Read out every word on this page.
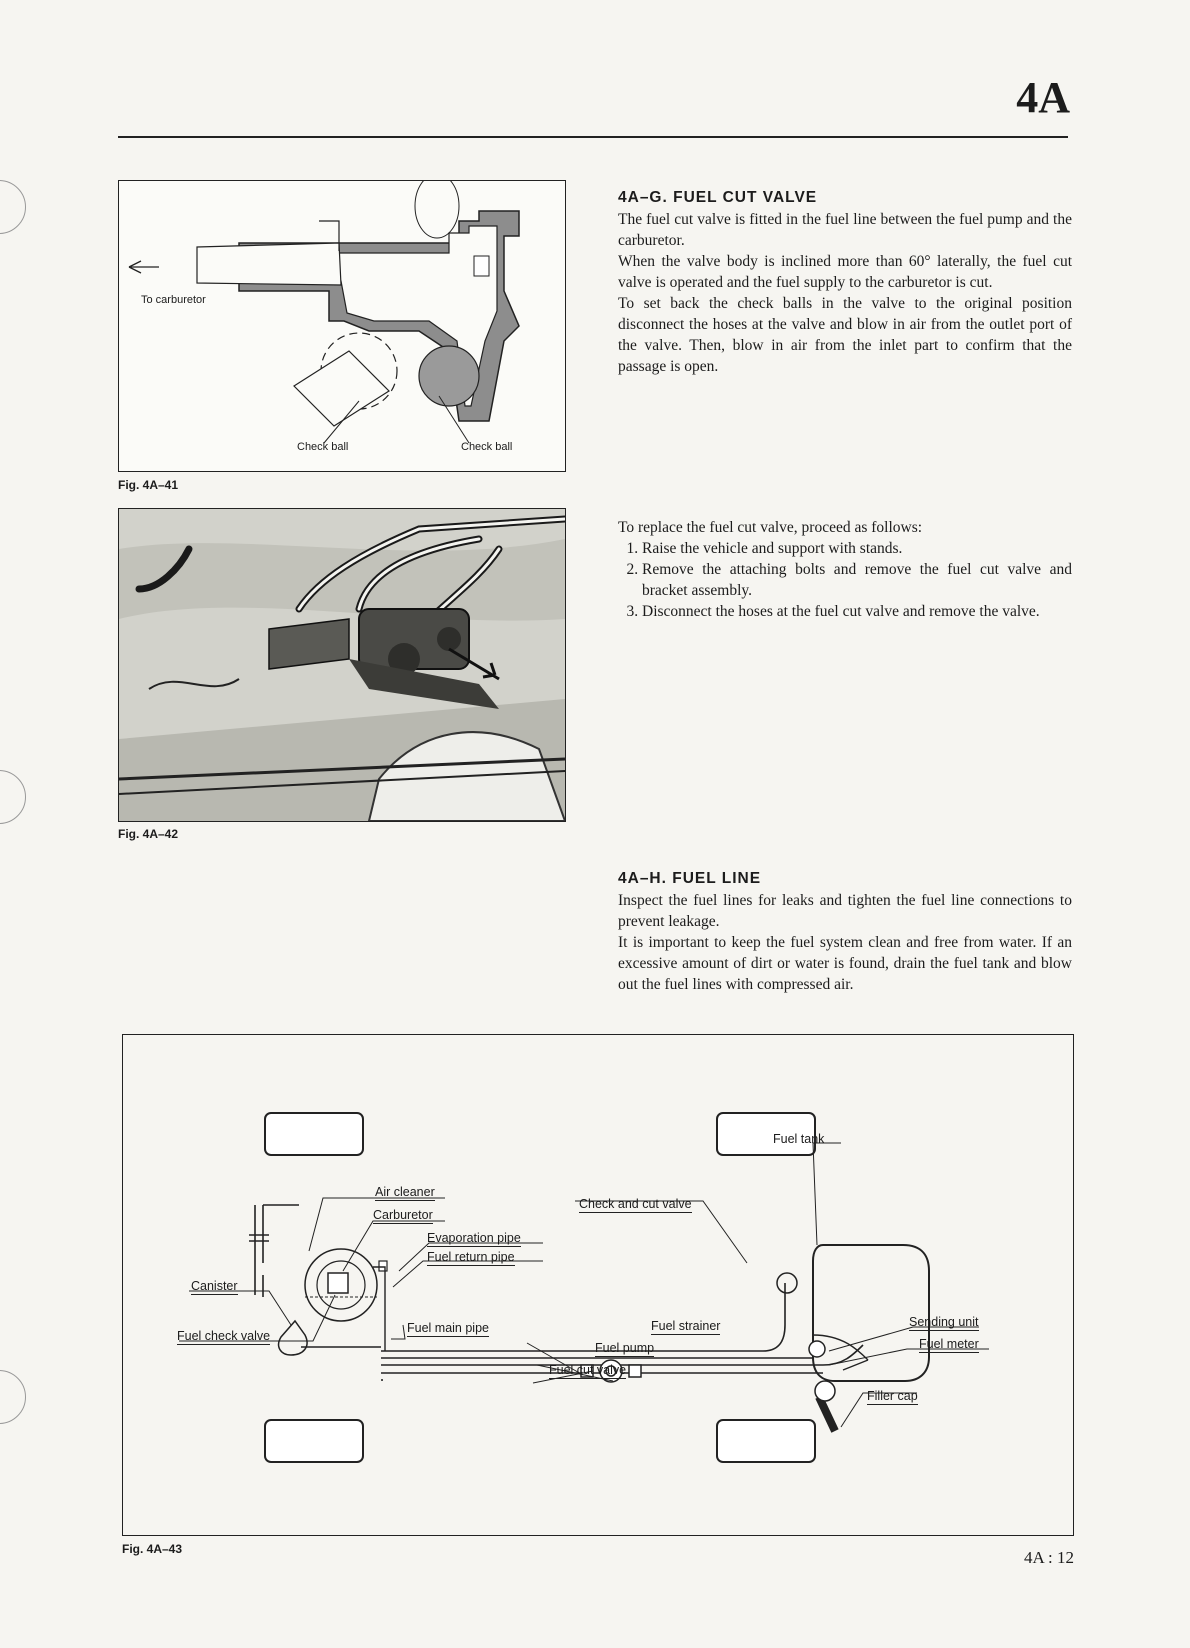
4A
To carburetor
Check ball	Check ball
Fig. 4A–41
Fig. 4A–42
4A–G. FUEL CUT VALVE

The fuel cut valve is fitted in the fuel line between the fuel pump and the carburetor.

When the valve body is inclined more than 60° laterally, the fuel cut valve is operated and the fuel supply to the carburetor is cut.

To set back the check balls in the valve to the original position disconnect the hoses at the valve and blow in air from the outlet port of the valve. Then, blow in air from the inlet part to confirm that the passage is open.

To replace the fuel cut valve, proceed as follows:

1. Raise the vehicle and support with stands.
2. Remove the attaching bolts and remove the fuel cut valve and bracket assembly.
3. Disconnect the hoses at the fuel cut valve and remove the valve.
4A–H. FUEL LINE

Inspect the fuel lines for leaks and tighten the fuel line connections to prevent leakage.

It is important to keep the fuel system clean and free from water. If an excessive amount of dirt or water is found, drain the fuel tank and blow out the fuel lines with compressed air.

Fuel tank
Air cleaner
Carburetor
Evaporation pipe
Fuel return pipe
Check and cut valve
Canister
Fuel check valve
Fuel main pipe	Fuel strainer
Fuel pump
Fuel cut valve
Sending unit
Fuel meter
Filler cap
Fig. 4A–43	4A : 12
